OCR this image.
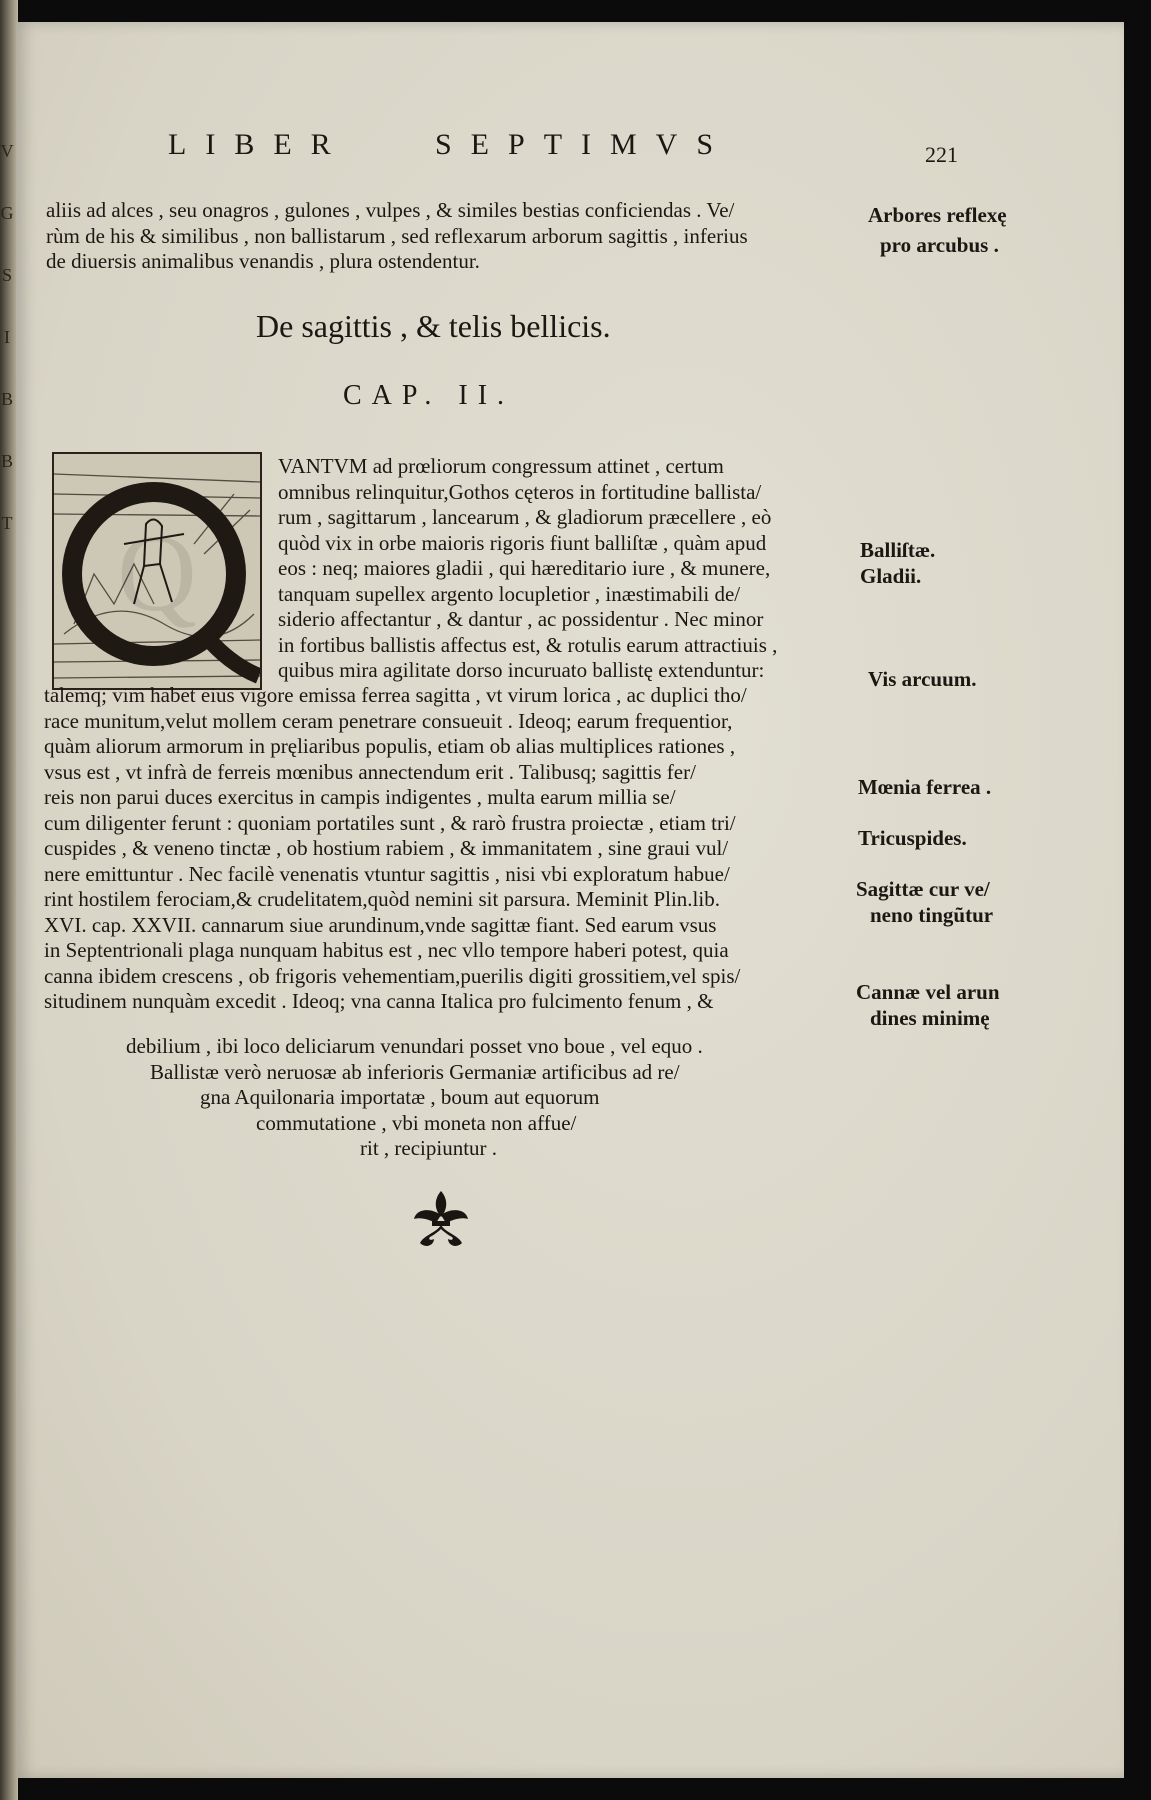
V
G
S
I
B
B
T
LIBER	SEPTIMVS	221
aliis ad alces , seu onagros , gulones , vulpes , & similes bestias conficiendas . Ve/
rùm de his & similibus , non ballistarum , sed reflexarum arborum sagittis , inferius
de diuersis animalibus venandis , plura ostendentur.
Arbores reflexę
pro arcubus .
De sagittis , & telis bellicis.
CAP. II.
Q
VANTVM ad prœliorum congressum attinet , certum
omnibus relinquitur,Gothos cęteros in fortitudine ballista/
rum , sagittarum , lancearum , & gladiorum præcellere , eò
quòd vix in orbe maioris rigoris fiunt balliſtæ , quàm apud
eos : neq; maiores gladii , qui hæreditario iure , & munere,
tanquam supellex argento locupletior , inæstimabili de/
siderio affectantur , & dantur , ac possidentur . Nec minor
in fortibus ballistis affectus est, & rotulis earum attractiuis ,
quibus mira agilitate dorso incuruato ballistę extenduntur:
talemq; vim habet eius vigore emissa ferrea sagitta , vt virum lorica , ac duplici tho/
race munitum,velut mollem ceram penetrare consueuit . Ideoq; earum frequentior,
quàm aliorum armorum in pręliaribus populis, etiam ob alias multiplices rationes ,
vsus est , vt infrà de ferreis mœnibus annectendum erit . Talibusq; sagittis fer/
reis non parui duces exercitus in campis indigentes , multa earum millia se/
cum diligenter ferunt : quoniam portatiles sunt , & rarò frustra proiectæ , etiam tri/
cuspides , & veneno tinctæ , ob hostium rabiem , & immanitatem , sine graui vul/
nere emittuntur . Nec facilè venenatis vtuntur sagittis , nisi vbi exploratum habue/
rint hostilem ferociam,& crudelitatem,quòd nemini sit parsura. Meminit Plin.lib.
XVI. cap. XXVII. cannarum siue arundinum,vnde sagittæ fiant. Sed earum vsus
in Septentrionali plaga nunquam habitus est , nec vllo tempore haberi potest, quia
canna ibidem crescens , ob frigoris vehementiam,puerilis digiti grossitiem,vel spis/
situdinem nunquàm excedit . Ideoq; vna canna Italica pro fulcimento fenum , &
debilium , ibi loco deliciarum venundari posset vno boue , vel equo .
Ballistæ verò neruosæ ab inferioris Germaniæ artificibus ad re/
gna Aquilonaria importatæ , boum aut equorum
commutatione , vbi moneta non affue/
rit , recipiuntur .
Balliſtæ.
Gladii.
Vis arcuum.
Mœnia ferrea .
Tricuspides.
Sagittæ cur ve/
neno tingũtur
Cannæ vel arun
dines minimę
